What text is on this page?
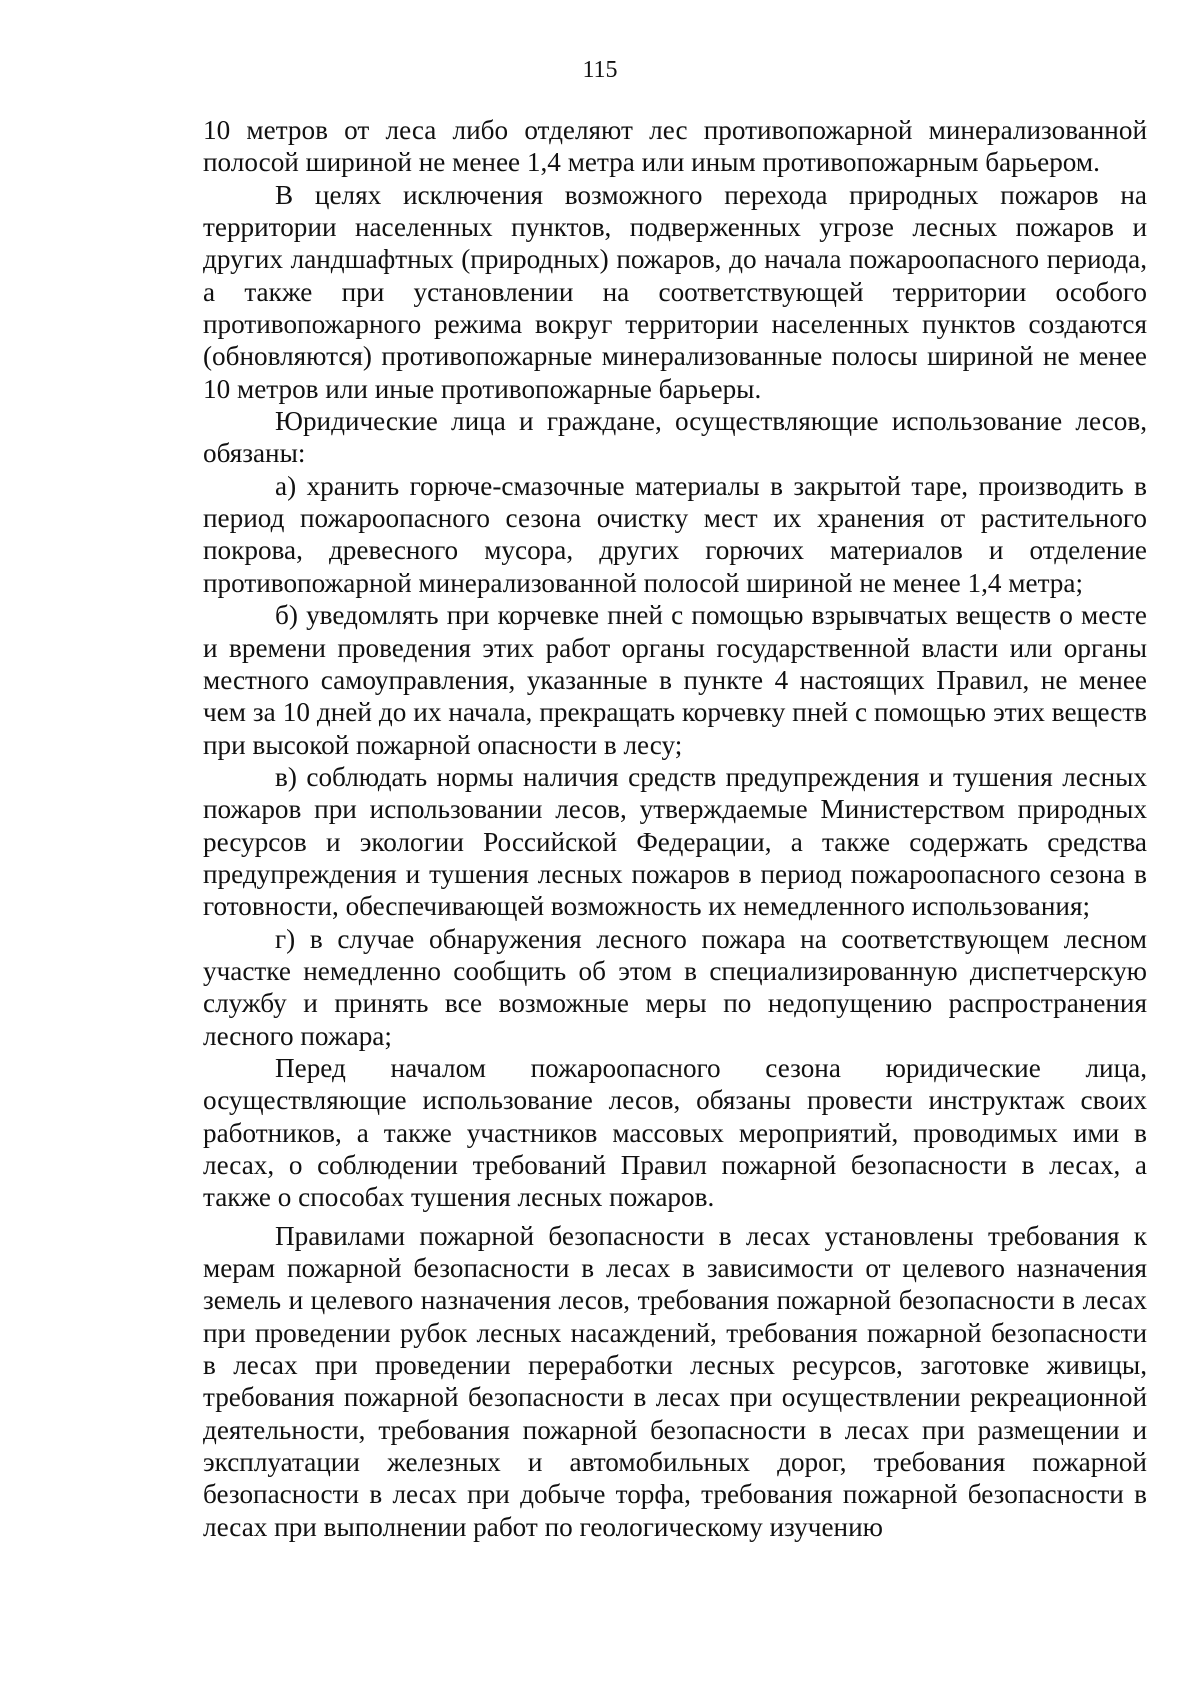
115

10 метров от леса либо отделяют лес противопожарной минерализованной полосой шириной не менее 1,4 метра или иным противопожарным барьером.

В целях исключения возможного перехода природных пожаров на территории населенных пунктов, подверженных угрозе лесных пожаров и других ландшафтных (природных) пожаров, до начала пожароопасного периода, а также при установлении на соответствующей территории особого противопожарного режима вокруг территории населенных пунктов создаются (обновляются) противопожарные минерализованные полосы шириной не менее 10 метров или иные противопожарные барьеры.

Юридические лица и граждане, осуществляющие использование лесов, обязаны:

а) хранить горюче-смазочные материалы в закрытой таре, производить в период пожароопасного сезона очистку мест их хранения от растительного покрова, древесного мусора, других горючих материалов и отделение противопожарной минерализованной полосой шириной не менее 1,4 метра;

б) уведомлять при корчевке пней с помощью взрывчатых веществ о месте и времени проведения этих работ органы государственной власти или органы местного самоуправления, указанные в пункте 4 настоящих Правил, не менее чем за 10 дней до их начала, прекращать корчевку пней с помощью этих веществ при высокой пожарной опасности в лесу;

в) соблюдать нормы наличия средств предупреждения и тушения лесных пожаров при использовании лесов, утверждаемые Министерством природных ресурсов и экологии Российской Федерации, а также содержать средства предупреждения и тушения лесных пожаров в период пожароопасного сезона в готовности, обеспечивающей возможность их немедленного использования;

г) в случае обнаружения лесного пожара на соответствующем лесном участке немедленно сообщить об этом в специализированную диспетчерскую службу и принять все возможные меры по недопущению распространения лесного пожара;

Перед началом пожароопасного сезона юридические лица, осуществляющие использование лесов, обязаны провести инструктаж своих работников, а также участников массовых мероприятий, проводимых ими в лесах, о соблюдении требований Правил пожарной безопасности в лесах, а также о способах тушения лесных пожаров.

Правилами пожарной безопасности в лесах установлены требования к мерам пожарной безопасности в лесах в зависимости от целевого назначения земель и целевого назначения лесов, требования пожарной безопасности в лесах при проведении рубок лесных насаждений, требования пожарной безопасности в лесах при проведении переработки лесных ресурсов, заготовке живицы, требования пожарной безопасности в лесах при осуществлении рекреационной деятельности, требования пожарной безопасности в лесах при размещении и эксплуатации железных и автомобильных дорог, требования пожарной безопасности в лесах при добыче торфа, требования пожарной безопасности в лесах при выполнении работ по геологическому изучению
